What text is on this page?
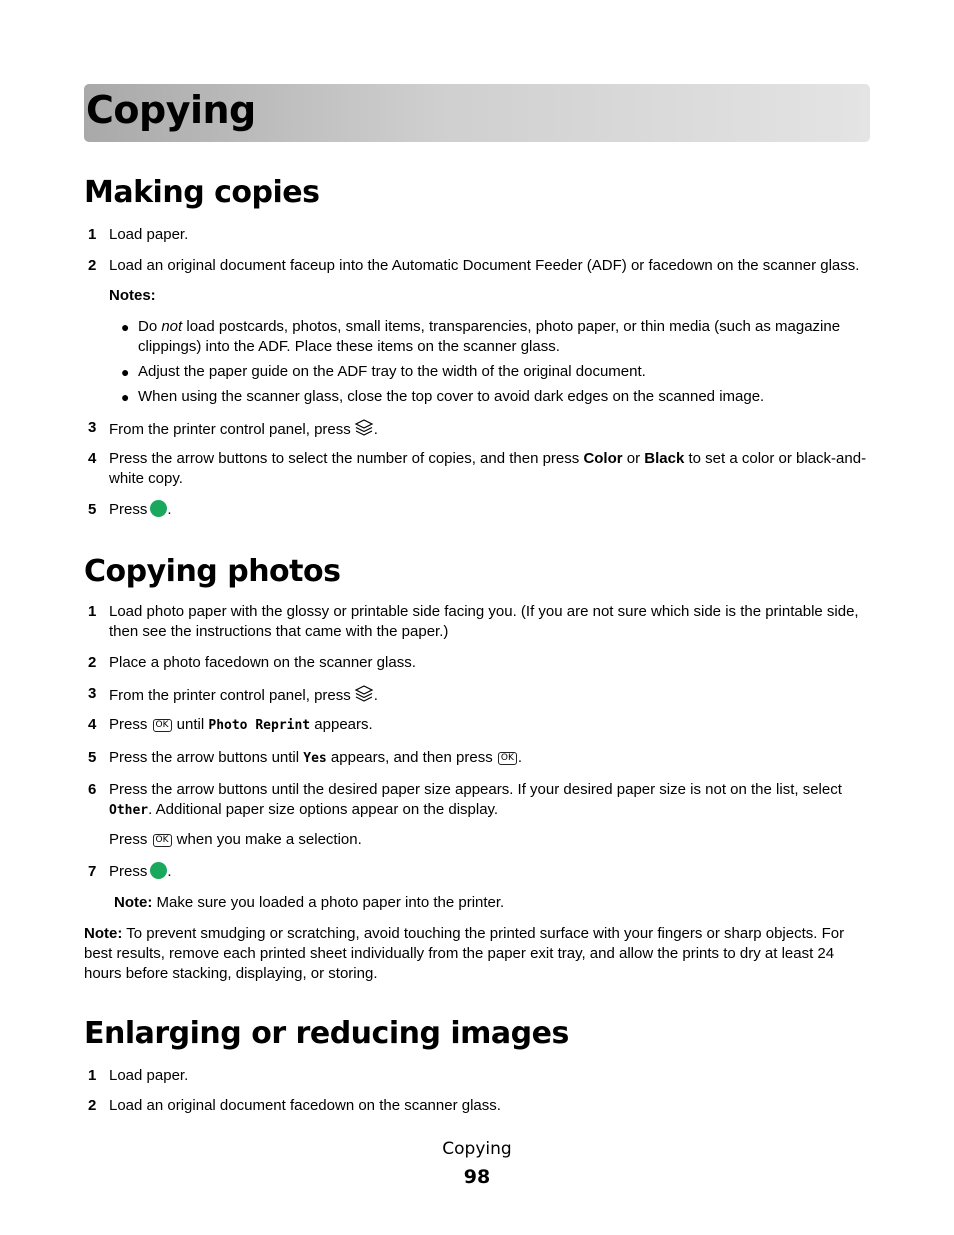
Copying
Making copies
1 Load paper.
2 Load an original document faceup into the Automatic Document Feeder (ADF) or facedown on the scanner glass.
Notes:
● Do not load postcards, photos, small items, transparencies, photo paper, or thin media (such as magazine clippings) into the ADF. Place these items on the scanner glass.
● Adjust the paper guide on the ADF tray to the width of the original document.
● When using the scanner glass, close the top cover to avoid dark edges on the scanned image.
3 From the printer control panel, press .
4 Press the arrow buttons to select the number of copies, and then press Color or Black to set a color or black-and-white copy.
5 Press .
Copying photos
1 Load photo paper with the glossy or printable side facing you. (If you are not sure which side is the printable side, then see the instructions that came with the paper.)
2 Place a photo facedown on the scanner glass.
3 From the printer control panel, press .
4 Press OK until Photo Reprint appears.
5 Press the arrow buttons until Yes appears, and then press OK .
6 Press the arrow buttons until the desired paper size appears. If your desired paper size is not on the list, select Other. Additional paper size options appear on the display.
Press OK when you make a selection.
7 Press .
Note: Make sure you loaded a photo paper into the printer.
Note: To prevent smudging or scratching, avoid touching the printed surface with your fingers or sharp objects. For best results, remove each printed sheet individually from the paper exit tray, and allow the prints to dry at least 24 hours before stacking, displaying, or storing.
Enlarging or reducing images
1 Load paper.
2 Load an original document facedown on the scanner glass.
Copying
98
